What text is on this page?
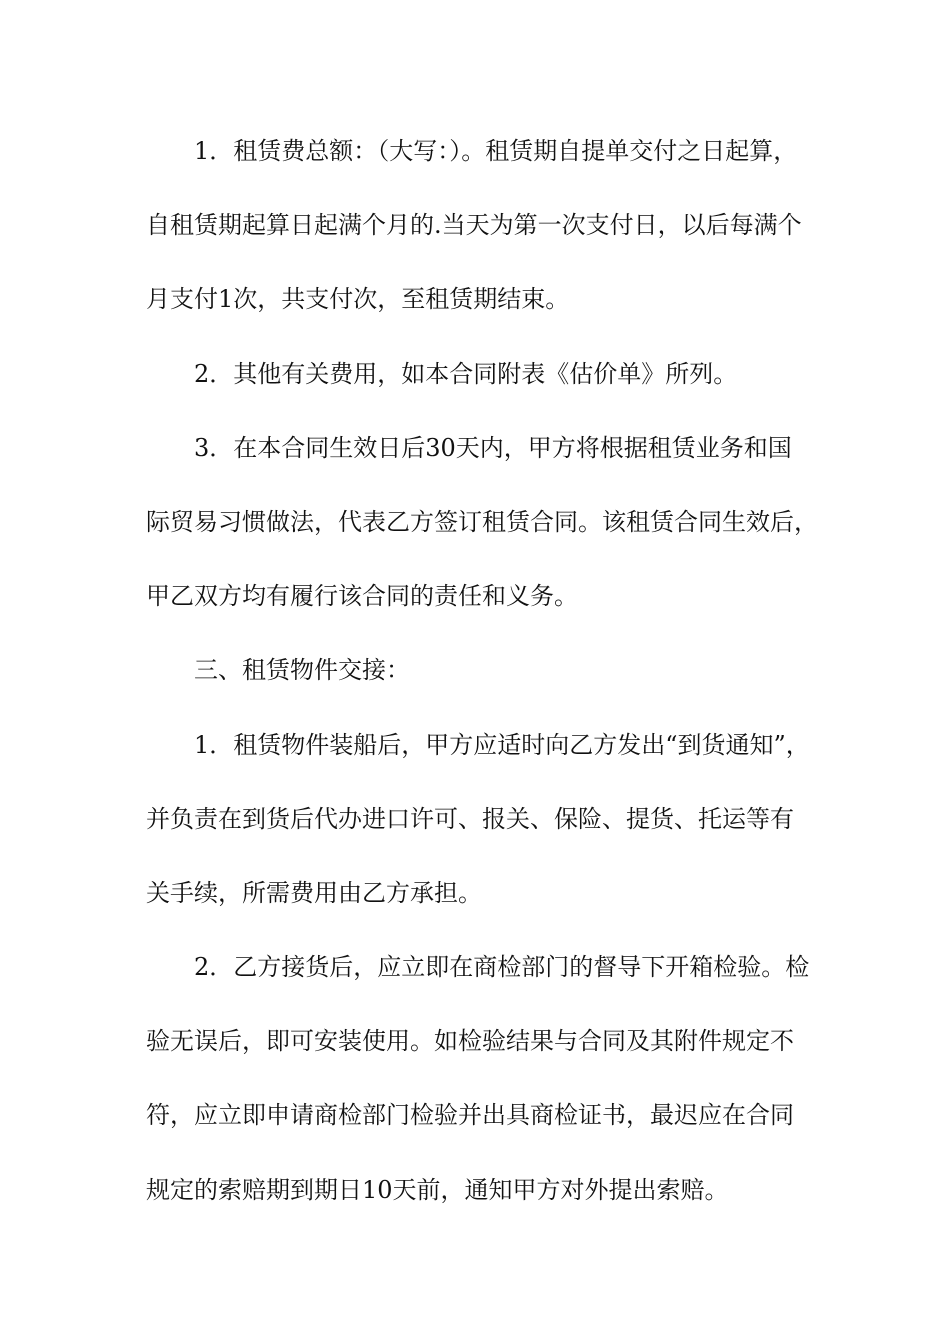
1．租赁费总额：（大写：）。租赁期自提单交付之日起算，
自租赁期起算日起满个月的.当天为第一次支付日，以后每满个
月支付1次，共支付次，至租赁期结束。
2．其他有关费用，如本合同附表《估价单》所列。
3．在本合同生效日后30天内，甲方将根据租赁业务和国
际贸易习惯做法，代表乙方签订租赁合同。该租赁合同生效后，
甲乙双方均有履行该合同的责任和义务。
三、租赁物件交接：
1．租赁物件装船后，甲方应适时向乙方发出“到货通知”，
并负责在到货后代办进口许可、报关、保险、提货、托运等有
关手续，所需费用由乙方承担。
2．乙方接货后，应立即在商检部门的督导下开箱检验。检
验无误后，即可安装使用。如检验结果与合同及其附件规定不
符，应立即申请商检部门检验并出具商检证书，最迟应在合同
规定的索赔期到期日10天前，通知甲方对外提出索赔。
